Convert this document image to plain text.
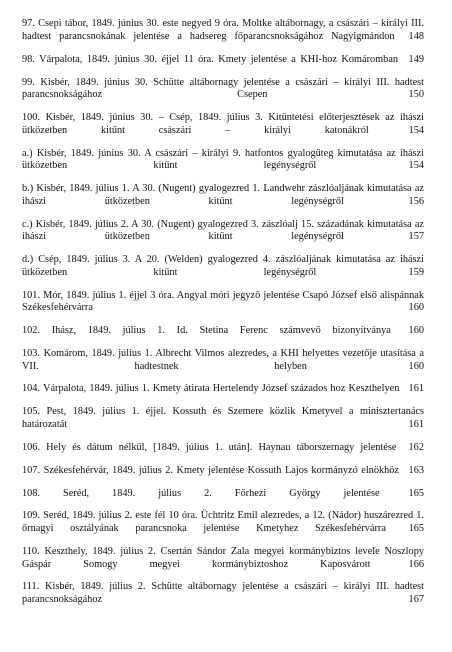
97. Csepi tábor, 1849. június 30. este negyed 9 óra. Moltke altábornagy, a császári – királyi III. hadtest parancsnokának jelentése a hadsereg főparancsnokságához Nagyigmándon 148

98. Várpalota, 1849. június 30. éjjel 11 óra. Kmety jelentése a KHI-hoz Komáromban 149

99. Kisbér, 1849. június 30. Schütte altábornagy jelentése a császári – királyi III. hadtest parancsnokságához Csepen	150

100. Kisbér, 1849. június 30. – Csép, 1849. július 3. Kitüntetési előterjesztések az ihászi ütközetben kitűnt császári – királyi katonákról	154

a.) Kisbér, 1849. június 30. A császári – királyi 9. hatfontos gyalogüteg kimutatása az ihászi ütközetben kitűnt legénységről	154

b.) Kisbér, 1849. július 1. A 30. (Nugent) gyalogezred 1. Landwehr zászlóaljának kimutatása az ihászi ütközetben kitűnt legénységről	156

c.) Kisbér, 1849. július 2. A 30. (Nugent) gyalogezred 3. zászlóalj 15. századának kimutatása az ihászi ütközetben kitűnt legénységről	157

d.) Csép, 1849. július 3. A 20. (Welden) gyalogezred 4. zászlóaljának kimutatása az ihászi ütközetben kitűnt legénységről	159

101. Mór, 1849. július 1. éjjel 3 óra. Angyal móri jegyző jelentése Csapó József első alispánnak Székesfehérvárra	160

102. Ihász, 1849. július 1. Id. Stetina Ferenc számvevő bizonyítványa 160

103. Komárom, 1849. július 1. Albrecht Vilmos alezredes, a KHI helyettes vezetője utasítása a VII. hadtestnek helyben	160

104. Várpalota, 1849. július 1. Kmety átirata Hertelendy József százados hoz Keszthelyen 161

105. Pest, 1849. július 1. éjjel. Kossuth és Szemere közlik Kmetyvel a minisztertanács határozatát	161

106. Hely és dátum nélkül, [1849. július 1. után]. Haynau táborszernagy jelentése 162

107. Székesfehérvár, 1849. július 2. Kmety jelentése Kossuth Lajos kormányzó elnökhöz 163

108. Seréd, 1849. július 2. Főrhezi György jelentése	165

109. Seréd, 1849. július 2. este fél 10 óra. Üchtritz Emil alezredes, a 12. (Nádor) huszárezred 1. őrnagyi osztályának parancsnoka jelentése Kmetyhez Székesfehérvárra 165

110. Keszthely, 1849. július 2. Csertán Sándor Zala megyei kormánybiztos levele Noszlopy Gáspár Somogy megyei kormánybiztoshoz Kaposvárott	166

111. Kisbér, 1849. július 2. Schütte altábornagy jelentése a császári – királyi III. hadtest parancsnokságához	167
